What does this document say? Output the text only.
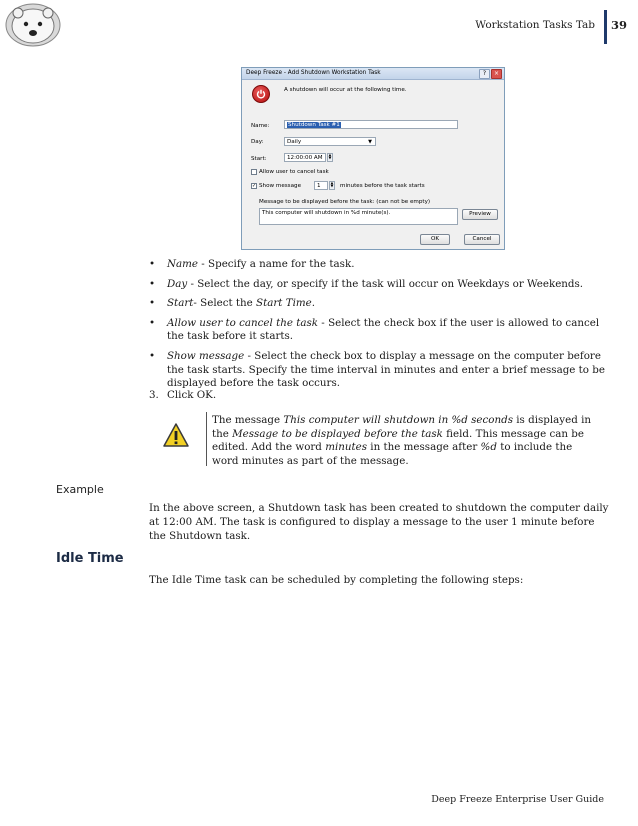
Workstation Tasks Tab 39
Deep Freeze - Add Shutdown Workstation Task	?	×
A shutdown will occur at the following time.
Name:	Shutdown Task #1
Day:	Daily	▼
Start:	12:00:00 AM	▲
▼
Allow user to cancel task
✓ Show message	1	▲
▼ minutes before the task starts
Message to be displayed before the task: (can not be empty)
This computer will shutdown in %d minute(s).	Preview
OK	Cancel
• Name - Specify a name for the task.
• Day - Select the day, or specify if the task will occur on Weekdays or Weekends.
• Start- Select the Start Time.
• Allow user to cancel the task - Select the check box if the user is allowed to cancel the task before it starts.
• Show message - Select the check box to display a message on the computer before the task starts. Specify the time interval in minutes and enter a brief message to be displayed before the task occurs.
3. Click OK.
The message This computer will shutdown in %d seconds is displayed in the Message to be displayed before the task field. This message can be edited. Add the word minutes in the message after %d to include the word minutes as part of the message.
Example
In the above screen, a Shutdown task has been created to shutdown the computer daily at 12:00 AM. The task is configured to display a message to the user 1 minute before the Shutdown task.
Idle Time
The Idle Time task can be scheduled by completing the following steps:
Deep Freeze Enterprise User Guide
